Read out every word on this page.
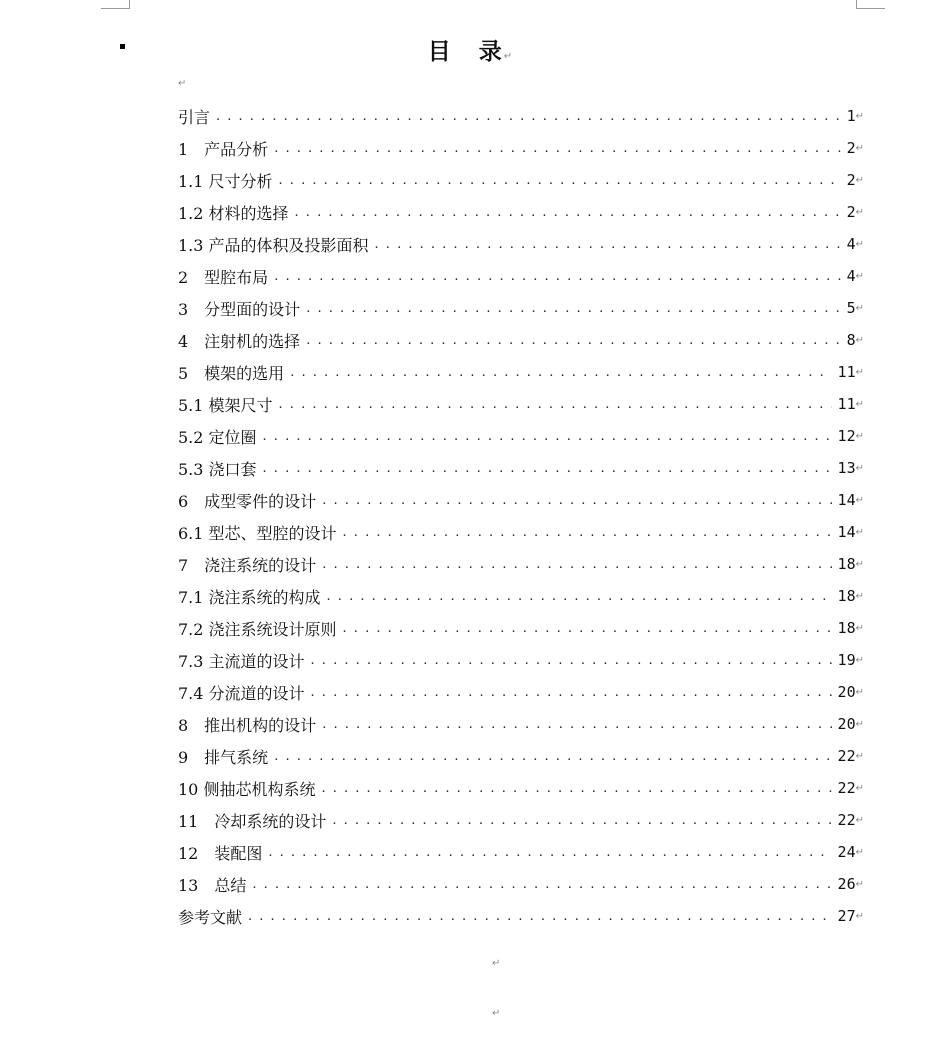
目 录↵
↵
引言 . . .	1 ↵
1　产品分析 . . .	2 ↵
1.1 尺寸分析 . . .	2 ↵
1.2 材料的选择 . . .	2 ↵
1.3 产品的体积及投影面积 . . .	4 ↵
2　型腔布局 . . .	4 ↵
3　分型面的设计 . . .	5 ↵
4　注射机的选择 . . .	8 ↵
5　模架的选用 . . .	11 ↵
5.1 模架尺寸 . . .	11 ↵
5.2 定位圈 . . .	12 ↵
5.3 浇口套 . . .	13 ↵
6　成型零件的设计 . . .	14 ↵
6.1 型芯、型腔的设计 . . .	14 ↵
7　浇注系统的设计 . . .	18 ↵
7.1 浇注系统的构成 . . .	18 ↵
7.2 浇注系统设计原则 . . .	18 ↵
7.3 主流道的设计 . . .	19 ↵
7.4 分流道的设计 . . .	20 ↵
8　推出机构的设计 . . .	20 ↵
9　排气系统 . . .	22 ↵
10 侧抽芯机构系统 . . .	22 ↵
11　冷却系统的设计 . . .	22 ↵
12　装配图 . . .	24 ↵
13　总结 . . .	26 ↵
参考文献 . . .	27 ↵
↵
↵
